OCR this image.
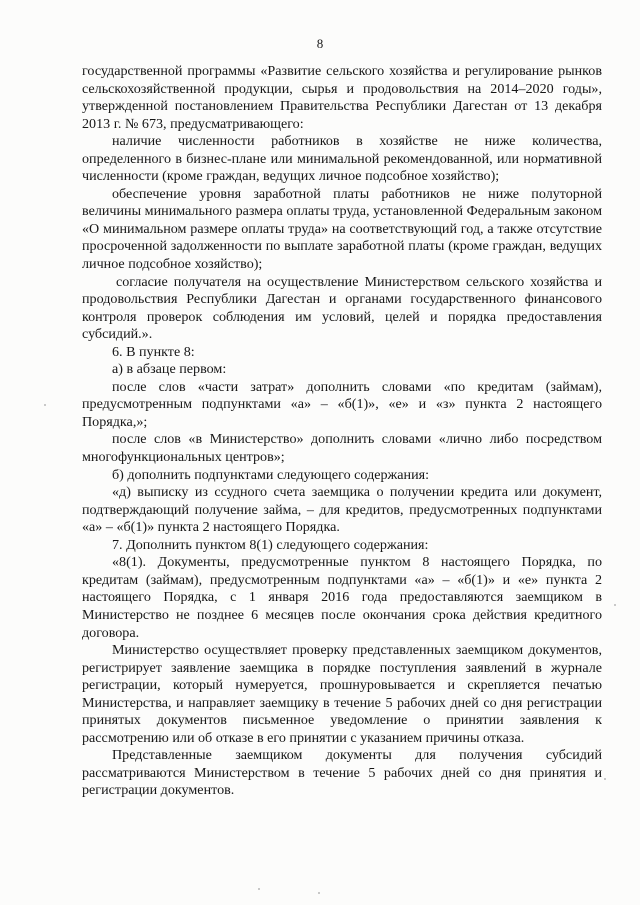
8

государственной программы «Развитие сельского хозяйства и регулирование рынков сельскохозяйственной продукции, сырья и продовольствия на 2014–2020 годы», утвержденной постановлением Правительства Республики Дагестан от 13 декабря 2013 г. № 673, предусматривающего:

наличие численности работников в хозяйстве не ниже количества, определенного в бизнес-плане или минимальной рекомендованной, или нормативной численности (кроме граждан, ведущих личное подсобное хозяйство);

обеспечение уровня заработной платы работников не ниже полуторной величины минимального размера оплаты труда, установленной Федеральным законом «О минимальном размере оплаты труда» на соответствующий год, а также отсутствие просроченной задолженности по выплате заработной платы (кроме граждан, ведущих личное подсобное хозяйство);

согласие получателя на осуществление Министерством сельского хозяйства и продовольствия Республики Дагестан и органами государственного финансового контроля проверок соблюдения им условий, целей и порядка предоставления субсидий.».

6. В пункте 8:

а) в абзаце первом:

после слов «части затрат» дополнить словами «по кредитам (займам), предусмотренным подпунктами «а» – «б(1)», «е» и «з» пункта 2 настоящего Порядка,»;

после слов «в Министерство» дополнить словами «лично либо посредством многофункциональных центров»;

б) дополнить подпунктами следующего содержания:

«д) выписку из ссудного счета заемщика о получении кредита или документ, подтверждающий получение займа, – для кредитов, предусмотренных подпунктами «а» – «б(1)» пункта 2 настоящего Порядка.

7. Дополнить пунктом 8(1) следующего содержания:

«8(1). Документы, предусмотренные пунктом 8 настоящего Порядка, по кредитам (займам), предусмотренным подпунктами «а» – «б(1)» и «е» пункта 2 настоящего Порядка, с 1 января 2016 года предоставляются заемщиком в Министерство не позднее 6 месяцев после окончания срока действия кредитного договора.

Министерство осуществляет проверку представленных заемщиком документов, регистрирует заявление заемщика в порядке поступления заявлений в журнале регистрации, который нумеруется, прошнуровывается и скрепляется печатью Министерства, и направляет заемщику в течение 5 рабочих дней со дня регистрации принятых документов письменное уведомление о принятии заявления к рассмотрению или об отказе в его принятии с указанием причины отказа.

Представленные заемщиком документы для получения субсидий рассматриваются Министерством в течение 5 рабочих дней со дня принятия и регистрации документов.
